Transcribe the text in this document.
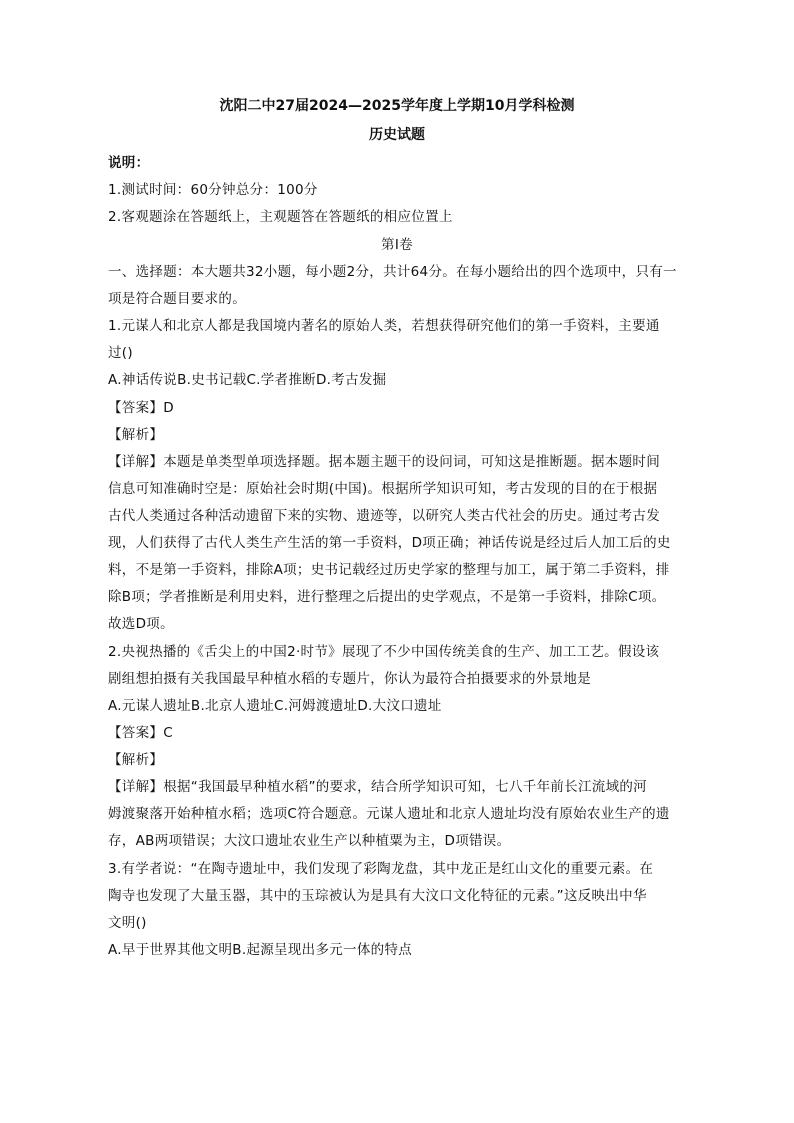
沈阳二中27届2024—2025学年度上学期10月学科检测
历史试题
说明：
1.测试时间：60分钟总分：100分
2.客观题涂在答题纸上，主观题答在答题纸的相应位置上
第Ⅰ卷
一、选择题：本大题共32小题，每小题2分，共计64分。在每小题给出的四个选项中，只有一
项是符合题目要求的。
1.元谋人和北京人都是我国境内著名的原始人类，若想获得研究他们的第一手资料，主要通
过()
A.神话传说B.史书记载C.学者推断D.考古发掘
【答案】D
【解析】
【详解】本题是单类型单项选择题。据本题主题干的设问词，可知这是推断题。据本题时间
信息可知准确时空是：原始社会时期(中国)。根据所学知识可知，考古发现的目的在于根据
古代人类通过各种活动遗留下来的实物、遗迹等，以研究人类古代社会的历史。通过考古发
现，人们获得了古代人类生产生活的第一手资料，D项正确；神话传说是经过后人加工后的史
料，不是第一手资料，排除A项；史书记载经过历史学家的整理与加工，属于第二手资料，排
除B项；学者推断是利用史料，进行整理之后提出的史学观点，不是第一手资料，排除C项。
故选D项。
2.央视热播的《舌尖上的中国2·时节》展现了不少中国传统美食的生产、加工工艺。假设该
剧组想拍摄有关我国最早种植水稻的专题片，你认为最符合拍摄要求的外景地是
A.元谋人遗址B.北京人遗址C.河姆渡遗址D.大汶口遗址
【答案】C
【解析】
【详解】根据“我国最早种植水稻”的要求，结合所学知识可知，七八千年前长江流域的河
姆渡聚落开始种植水稻；选项C符合题意。元谋人遗址和北京人遗址均没有原始农业生产的遗
存，AB两项错误；大汶口遗址农业生产以种植粟为主，D项错误。
3.有学者说：“在陶寺遗址中，我们发现了彩陶龙盘，其中龙正是红山文化的重要元素。在
陶寺也发现了大量玉器，其中的玉琮被认为是具有大汶口文化特征的元素。”这反映出中华
文明()
A.早于世界其他文明B.起源呈现出多元一体的特点
